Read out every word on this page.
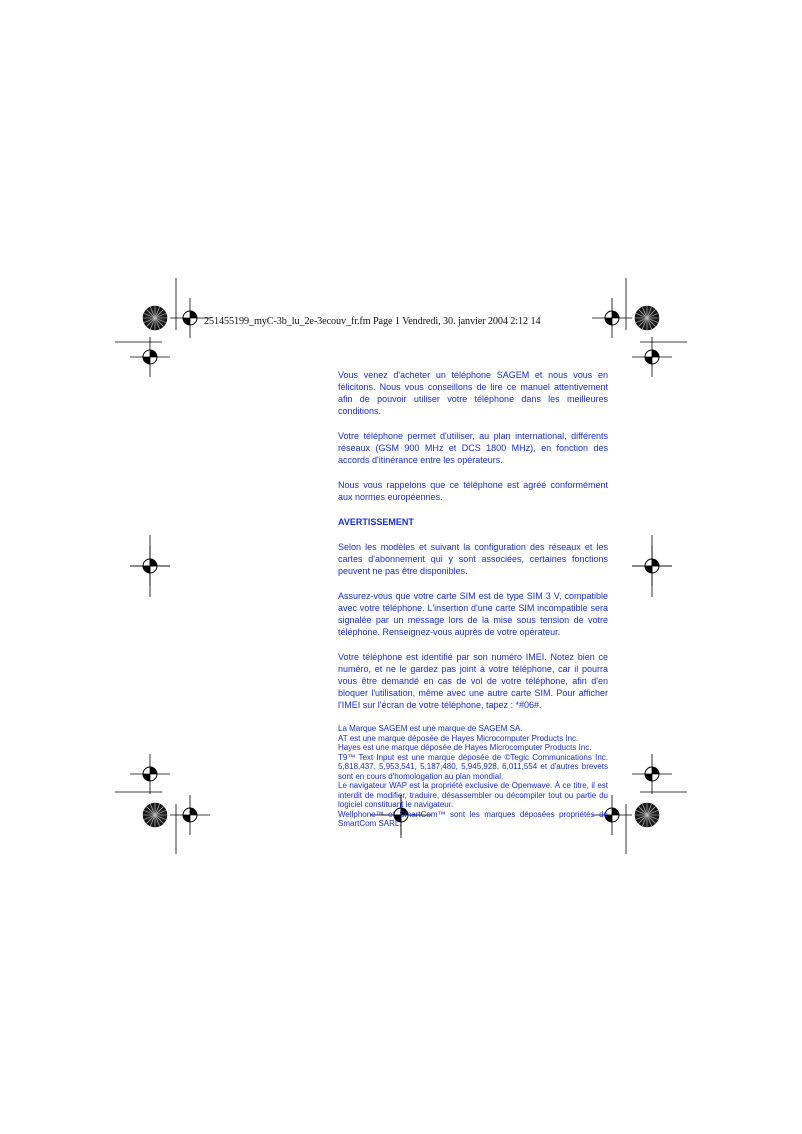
251455199_myC-3b_lu_2e-3ecouv_fr.fm Page 1 Vendredi, 30. janvier 2004 2:12 14

Vous venez d'acheter un téléphone SAGEM et nous vous en félicitons. Nous vous conseillons de lire ce manuel attentivement afin de pouvoir utiliser votre téléphone dans les meilleures conditions.

Votre téléphone permet d'utiliser, au plan international, différents réseaux (GSM 900 MHz et DCS 1800 MHz), en fonction des accords d'itinérance entre les opérateurs.

Nous vous rappelons que ce téléphone est agréé conformément aux normes européennes.

AVERTISSEMENT

Selon les modèles et suivant la configuration des réseaux et les cartes d'abonnement qui y sont associées, certaines fonctions peuvent ne pas être disponibles.

Assurez-vous que votre carte SIM est de type SIM 3 V, compatible avec votre téléphone. L'insertion d'une carte SIM incompatible sera signalée par un message lors de la mise sous tension de votre téléphone. Renseignez-vous auprès de votre opérateur.

Votre téléphone est identifié par son numéro IMEI. Notez bien ce numéro, et ne le gardez pas joint à votre téléphone, car il pourra vous être demandé en cas de vol de votre téléphone, afin d'en bloquer l'utilisation, même avec une autre carte SIM. Pour afficher l'IMEI sur l'écran de votre téléphone, tapez : *#06#.

La Marque SAGEM est une marque de SAGEM SA.
AT est une marque déposée de Hayes Microcomputer Products Inc.
Hayes est une marque déposée de Hayes Microcomputer Products Inc.
T9™ Text Input est une marque déposée de ©Tegic Communications Inc. 5,818,437, 5,953,541, 5,187,480, 5,945,928, 6,011,554 et d'autres brevets sont en cours d'homologation au plan mondial.
Le navigateur WAP est la propriété exclusive de Openwave. À ce titre, il est interdit de modifier, traduire, désassembler ou décompiler tout ou partie du logiciel constituant le navigateur.
Wellphone™ et SmartCom™ sont les marques déposées propriétés de SmartCom SARL.
